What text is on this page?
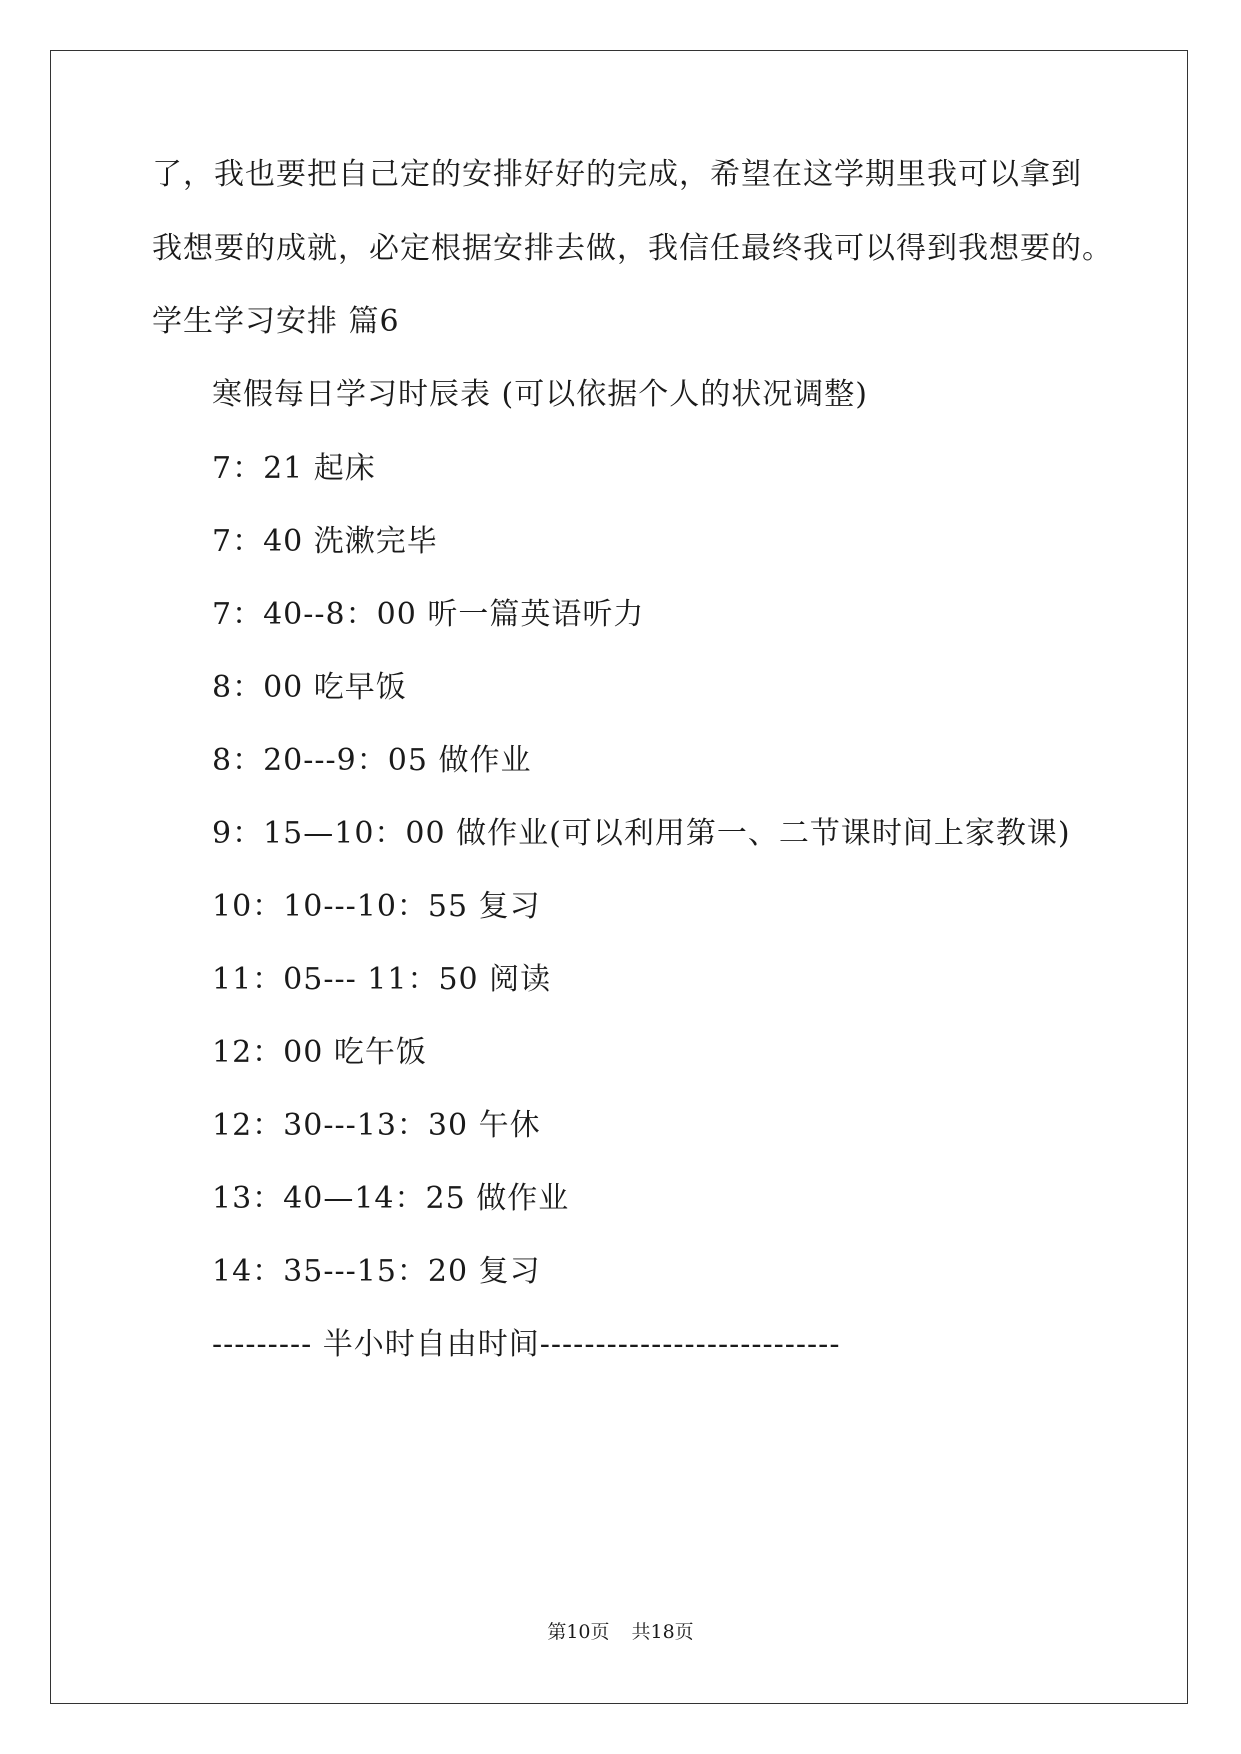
了，我也要把自己定的安排好好的完成，希望在这学期里我可以拿到
我想要的成就，必定根据安排去做，我信任最终我可以得到我想要的。
学生学习安排 篇6
寒假每日学习时辰表 (可以依据个人的状况调整)
7：21 起床
7：40 洗漱完毕
7：40--8：00 听一篇英语听力
8：00 吃早饭
8：20---9：05 做作业
9：15—10：00 做作业(可以利用第一、二节课时间上家教课)
10：10---10：55 复习
11：05--- 11：50 阅读
12：00 吃午饭
12：30---13：30 午休
13：40—14：25 做作业
14：35---15：20 复习
--------- 半小时自由时间---------------------------
第10页 共18页
